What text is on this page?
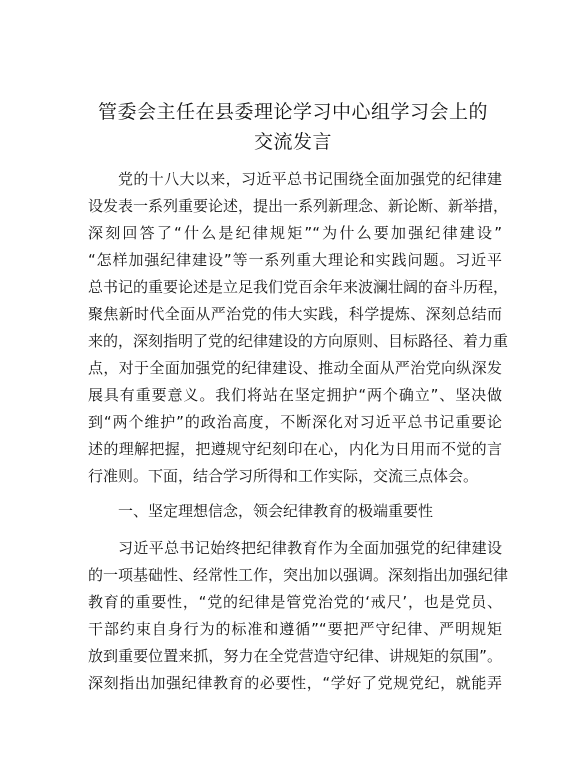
管委会主任在县委理论学习中心组学习会上的
交流发言
党的十八大以来，习近平总书记围绕全面加强党的纪律建
设发表一系列重要论述，提出一系列新理念、新论断、新举措，
深刻回答了“什么是纪律规矩”“为什么要加强纪律建设”
“怎样加强纪律建设”等一系列重大理论和实践问题。习近平
总书记的重要论述是立足我们党百余年来波澜壮阔的奋斗历程，
聚焦新时代全面从严治党的伟大实践，科学提炼、深刻总结而
来的，深刻指明了党的纪律建设的方向原则、目标路径、着力重
点，对于全面加强党的纪律建设、推动全面从严治党向纵深发
展具有重要意义。我们将站在坚定拥护“两个确立”、坚决做
到“两个维护”的政治高度，不断深化对习近平总书记重要论
述的理解把握，把遵规守纪刻印在心，内化为日用而不觉的言
行准则。下面，结合学习所得和工作实际，交流三点体会。
一、坚定理想信念，领会纪律教育的极端重要性
习近平总书记始终把纪律教育作为全面加强党的纪律建设
的一项基础性、经常性工作，突出加以强调。深刻指出加强纪律
教育的重要性，“党的纪律是管党治党的‘戒尺’，也是党员、
干部约束自身行为的标准和遵循”“要把严守纪律、严明规矩
放到重要位置来抓，努力在全党营造守纪律、讲规矩的氛围”。
深刻指出加强纪律教育的必要性，“学好了党规党纪，就能弄
